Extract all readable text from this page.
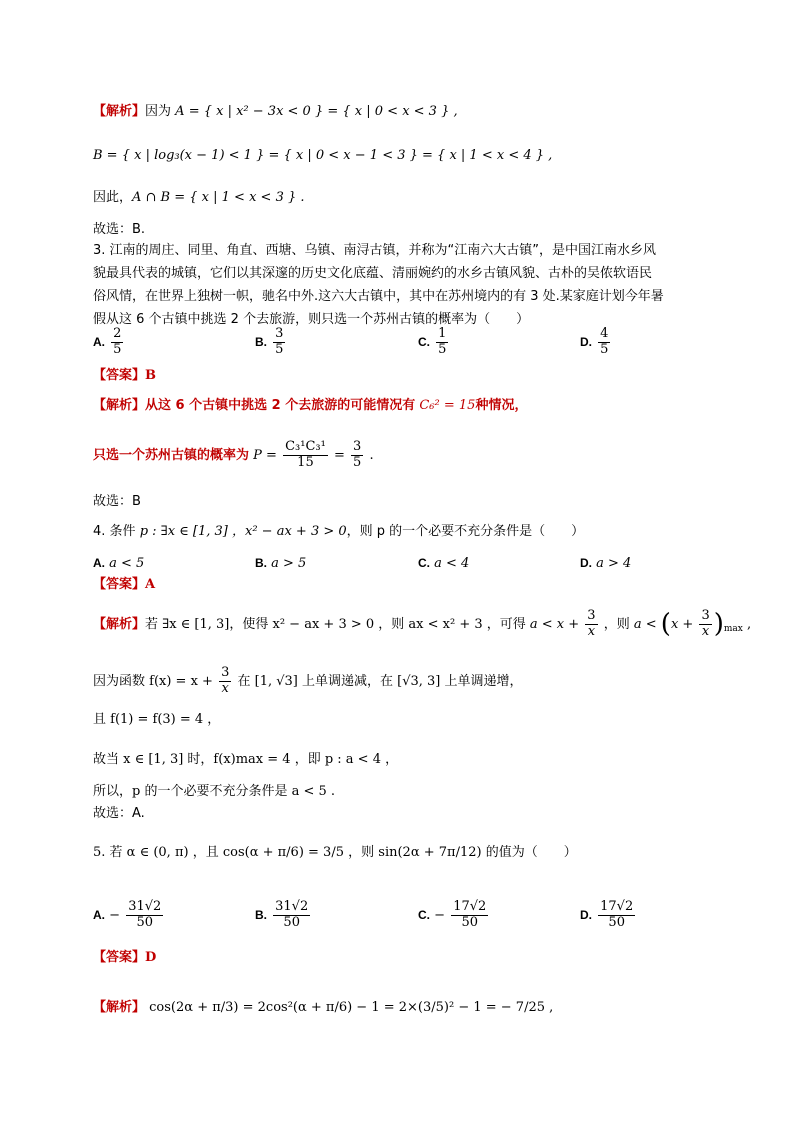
【解析】因为 A = { x | x² − 3x < 0 } = { x | 0 < x < 3 } ,
B = { x | log₃(x − 1) < 1 } = { x | 0 < x − 1 < 3 } = { x | 1 < x < 4 } ,
因此，A ∩ B = { x | 1 < x < 3 } .
故选：B.
3. 江南的周庄、同里、角直、西塘、乌镇、南浔古镇，并称为“江南六大古镇”，是中国江南水乡风
貌最具代表的城镇，它们以其深邃的历史文化底蕴、清丽婉约的水乡古镇风貌、古朴的吴侬软语民
俗风情，在世界上独树一帜，驰名中外.这六大古镇中，其中在苏州境内的有 3 处.某家庭计划今年暑
假从这 6 个古镇中挑选 2 个去旅游，则只选一个苏州古镇的概率为（　　）
A. $\frac{2}{5}$	B. $\frac{3}{5}$	C. $\frac{1}{5}$	D. $\frac{4}{5}$
【答案】B
【解析】从这 6 个古镇中挑选 2 个去旅游的可能情况有 C₆² = 15种情况，
只选一个苏州古镇的概率为 $P = \frac{\text{C₃¹C₃¹}}{15} = \frac{3}{5}$ .
故选：B
4. 条件 p : ∃x ∈ [1, 3] ，x² − ax + 3 > 0，则 p 的一个必要不充分条件是（　　）
A. a < 5	B. a > 5	C. a < 4	D. a > 4
【答案】A
【解析】若 ∃x ∈ [1, 3]，使得 x² − ax + 3 > 0 ，则 ax < x² + 3 ，可得 $a < x + \frac{3}{x}$ ，则 $a < (x + \frac{3}{x} )_{max}$ ,
因为函数 $f(x) = x + \frac{3}{x}$ 在 [1, √3] 上单调递减，在 [√3, 3] 上单调递增，
且 f(1) = f(3) = 4 ，
故当 x ∈ [1, 3] 时，f(x)max = 4 ，即 p : a < 4 ，
所以，p 的一个必要不充分条件是 a < 5 .
故选：A.
5. 若 α ∈ (0, π) ，且 cos(α + π/6) = 3/5 ，则 sin(2α + 7π/12) 的值为（　　）
A. − $\frac{31√2}{50}$	B. $\frac{31√2}{50}$	C. − $\frac{17√2}{50}$	D. $\frac{17√2}{50}$
【答案】D
【解析】 cos(2α + π/3) = 2cos²(α + π/6) − 1 = 2×(3/5)² − 1 = − 7/25 ,
